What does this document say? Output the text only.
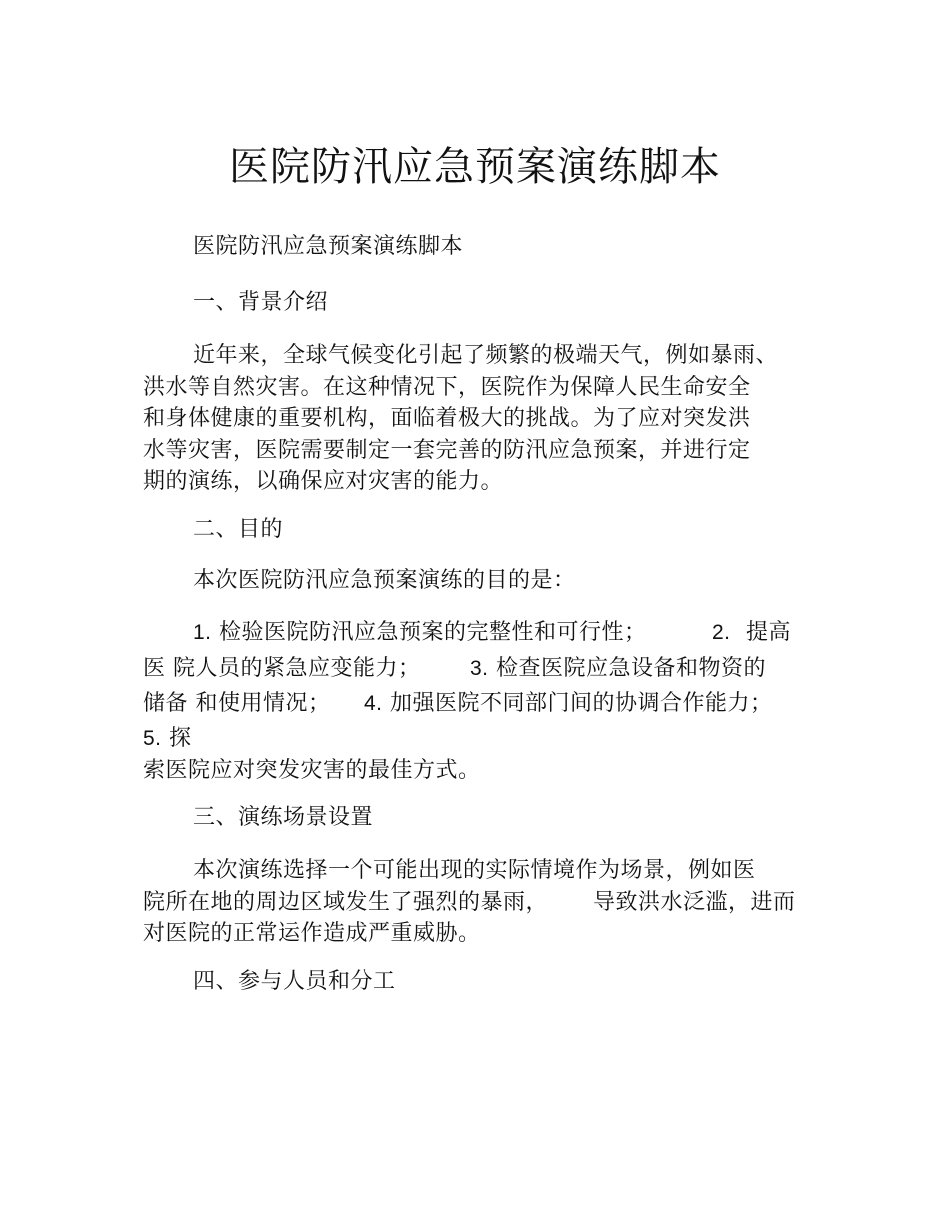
医院防汛应急预案演练脚本
医院防汛应急预案演练脚本
一、背景介绍
近年来，全球气候变化引起了频繁的极端天气，例如暴雨、
洪水等自然灾害。在这种情况下，医院作为保障人民生命安全
和身体健康的重要机构，面临着极大的挑战。为了应对突发洪
水等灾害，医院需要制定一套完善的防汛应急预案，并进行定
期的演练，以确保应对灾害的能力。
二、目的
本次医院防汛应急预案演练的目的是：
1. 检验医院防汛应急预案的完整性和可行性；	2. 提高
医 院人员的紧急应变能力； 3. 检查医院应急设备和物资的
储备 和使用情况； 4. 加强医院不同部门间的协调合作能力；
5. 探
索医院应对突发灾害的最佳方式。
三、演练场景设置
本次演练选择一个可能出现的实际情境作为场景，例如医
院所在地的周边区域发生了强烈的暴雨， 导致洪水泛滥，进而
对医院的正常运作造成严重威胁。
四、参与人员和分工
